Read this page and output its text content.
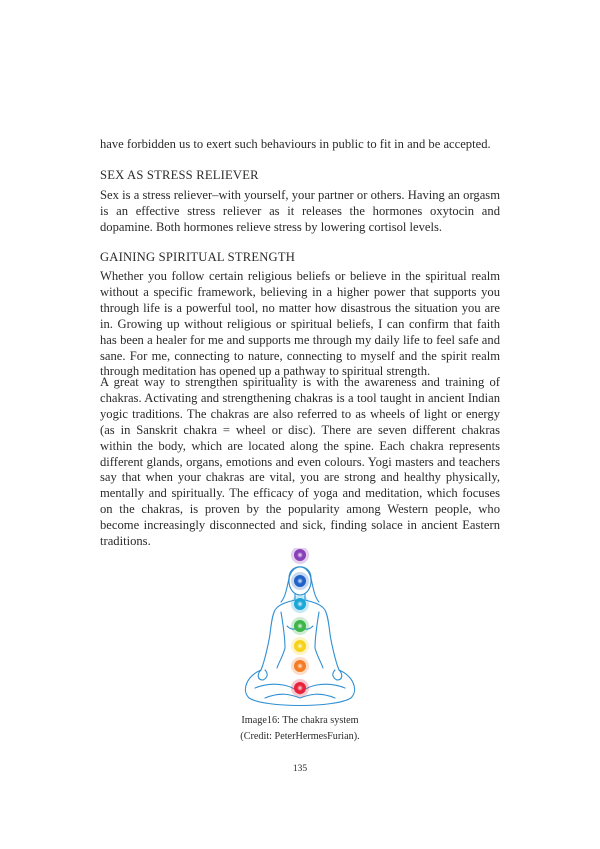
have forbidden us to exert such behaviours in public to fit in and be accepted.

SEX AS STRESS RELIEVER

Sex is a stress reliever–with yourself, your partner or others. Having an orgasm is an effective stress reliever as it releases the hormones oxytocin and dopamine. Both hormones relieve stress by lowering cortisol levels.

GAINING SPIRITUAL STRENGTH

Whether you follow certain religious beliefs or believe in the spiritual realm without a specific framework, believing in a higher power that supports you through life is a powerful tool, no matter how disastrous the situation you are in. Growing up without religious or spiritual beliefs, I can confirm that faith has been a healer for me and supports me through my daily life to feel safe and sane. For me, connecting to nature, connecting to myself and the spirit realm through meditation has opened up a pathway to spiritual strength.

A great way to strengthen spirituality is with the awareness and training of chakras. Activating and strengthening chakras is a tool taught in ancient Indian yogic traditions. The chakras are also referred to as wheels of light or energy (as in Sanskrit chakra = wheel or disc). There are seven different chakras within the body, which are located along the spine. Each chakra represents different glands, organs, emotions and even colours. Yogi masters and teachers say that when your chakras are vital, you are strong and healthy physically, mentally and spiritually. The efficacy of yoga and meditation, which focuses on the chakras, is proven by the popularity among Western people, who become increasingly disconnected and sick, finding solace in ancient Eastern traditions.

Image16: The chakra system

(Credit: PeterHermesFurian).

135
